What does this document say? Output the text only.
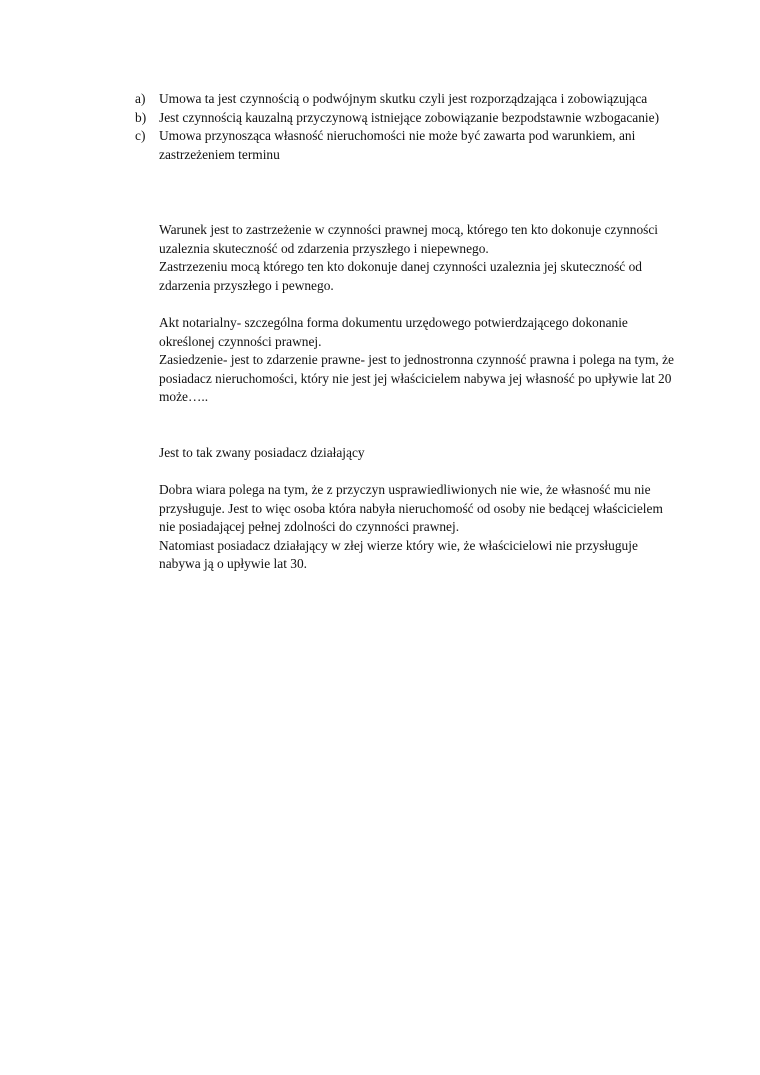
a)	Umowa ta jest czynnością o podwójnym skutku czyli jest rozporządzająca i zobowiązująca
b) Jest czynnością kauzalną przyczynową istniejące zobowiązanie bezpodstawnie wzbogacanie)
c)	Umowa przynosząca własność nieruchomości nie może być zawarta pod warunkiem, ani zastrzeżeniem terminu

Warunek jest to zastrzeżenie w czynności prawnej mocą, którego ten kto dokonuje czynności uzaleznia skuteczność od zdarzenia przyszłego i niepewnego.

Zastrzezeniu mocą którego ten kto dokonuje danej czynności uzaleznia jej skuteczność od zdarzenia przyszłego i pewnego.

Akt notarialny- szczególna forma dokumentu urzędowego potwierdzającego dokonanie określonej czynności prawnej.

Zasiedzenie- jest to zdarzenie prawne- jest to jednostronna czynność prawna i polega na tym, że posiadacz nieruchomości, który nie jest jej właścicielem nabywa jej własność po upływie lat 20 może…..

Jest to tak zwany posiadacz działający

Dobra wiara polega na tym, że z przyczyn usprawiedliwionych nie wie, że własność mu nie przysługuje. Jest to więc osoba która nabyła nieruchomość od osoby nie bedącej właścicielem nie posiadającej pełnej zdolności do czynności prawnej.

Natomiast posiadacz działający w złej wierze który wie, że właścicielowi nie przysługuje nabywa ją o upływie lat 30.
